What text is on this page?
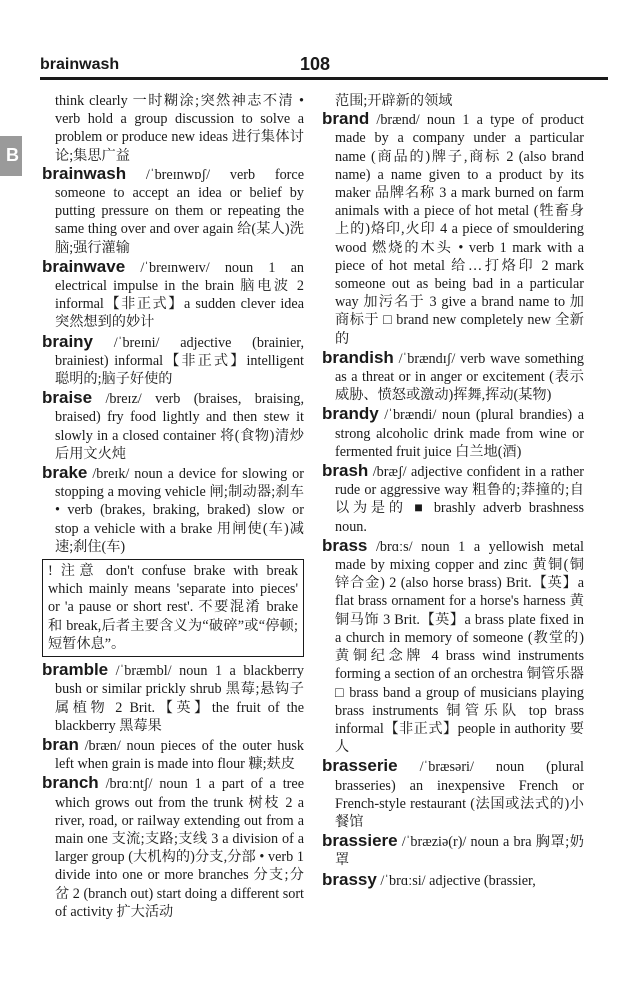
brainwash	108
B
think clearly 一时糊涂;突然神志不清 • verb hold a group discussion to solve a problem or produce new ideas 进行集体讨论;集思广益
brainwash /ˈbreɪnwɒʃ/ verb force someone to accept an idea or belief by putting pressure on them or repeating the same thing over and over again 给(某人)洗脑;强行灌输
brainwave /ˈbreɪnweɪv/ noun 1 an electrical impulse in the brain 脑电波 2 informal【非正式】a sudden clever idea 突然想到的妙计
brainy /ˈbreɪni/ adjective (brainier, brainiest) informal【非正式】intelligent 聪明的;脑子好使的
braise /breɪz/ verb (braises, braising, braised) fry food lightly and then stew it slowly in a closed container 将(食物)清炒后用文火炖
brake /breɪk/ noun a device for slowing or stopping a moving vehicle 闸;制动器;刹车 • verb (brakes, braking, braked) slow or stop a vehicle with a brake 用闸使(车)减速;刹住(车)
! 注意 don't confuse brake with break which mainly means 'separate into pieces' or 'a pause or short rest'. 不要混淆 brake 和 break,后者主要含义为“破碎”或“停顿;短暂休息”。
bramble /ˈbræmbl/ noun 1 a blackberry bush or similar prickly shrub 黑莓;悬钩子属植物 2 Brit.【英】the fruit of the blackberry 黑莓果
bran /bræn/ noun pieces of the outer husk left when grain is made into flour 糠;麸皮
branch /brɑːntʃ/ noun 1 a part of a tree which grows out from the trunk 树枝 2 a river, road, or railway extending out from a main one 支流;支路;支线 3 a division of a larger group (大机构的)分支,分部 • verb 1 divide into one or more branches 分支;分岔 2 (branch out) start doing a different sort of activity 扩大活动
范围;开辟新的领域
brand /brænd/ noun 1 a type of product made by a company under a particular name (商品的)牌子,商标 2 (also brand name) a name given to a product by its maker 品牌名称 3 a mark burned on farm animals with a piece of hot metal (牲畜身上的)烙印,火印 4 a piece of smouldering wood 燃烧的木头 • verb 1 mark with a piece of hot metal 给…打烙印 2 mark someone out as being bad in a particular way 加污名于 3 give a brand name to 加商标于 □ brand new completely new 全新的
brandish /ˈbrændɪʃ/ verb wave something as a threat or in anger or excitement (表示威胁、愤怒或激动)挥舞,挥动(某物)
brandy /ˈbrændi/ noun (plural brandies) a strong alcoholic drink made from wine or fermented fruit juice 白兰地(酒)
brash /bræʃ/ adjective confident in a rather rude or aggressive way 粗鲁的;莽撞的;自以为是的 ■ brashly adverb brashness noun.
brass /brɑːs/ noun 1 a yellowish metal made by mixing copper and zinc 黄铜(铜锌合金) 2 (also horse brass) Brit.【英】a flat brass ornament for a horse's harness 黄铜马饰 3 Brit.【英】a brass plate fixed in a church in memory of someone (教堂的)黄铜纪念牌 4 brass wind instruments forming a section of an orchestra 铜管乐器 □ brass band a group of musicians playing brass instruments 铜管乐队 top brass informal【非正式】people in authority 要人
brasserie /ˈbræsəri/ noun (plural brasseries) an inexpensive French or French-style restaurant (法国或法式的)小餐馆
brassiere /ˈbræziə(r)/ noun a bra 胸罩;奶罩
brassy /ˈbrɑːsi/ adjective (brassier,
